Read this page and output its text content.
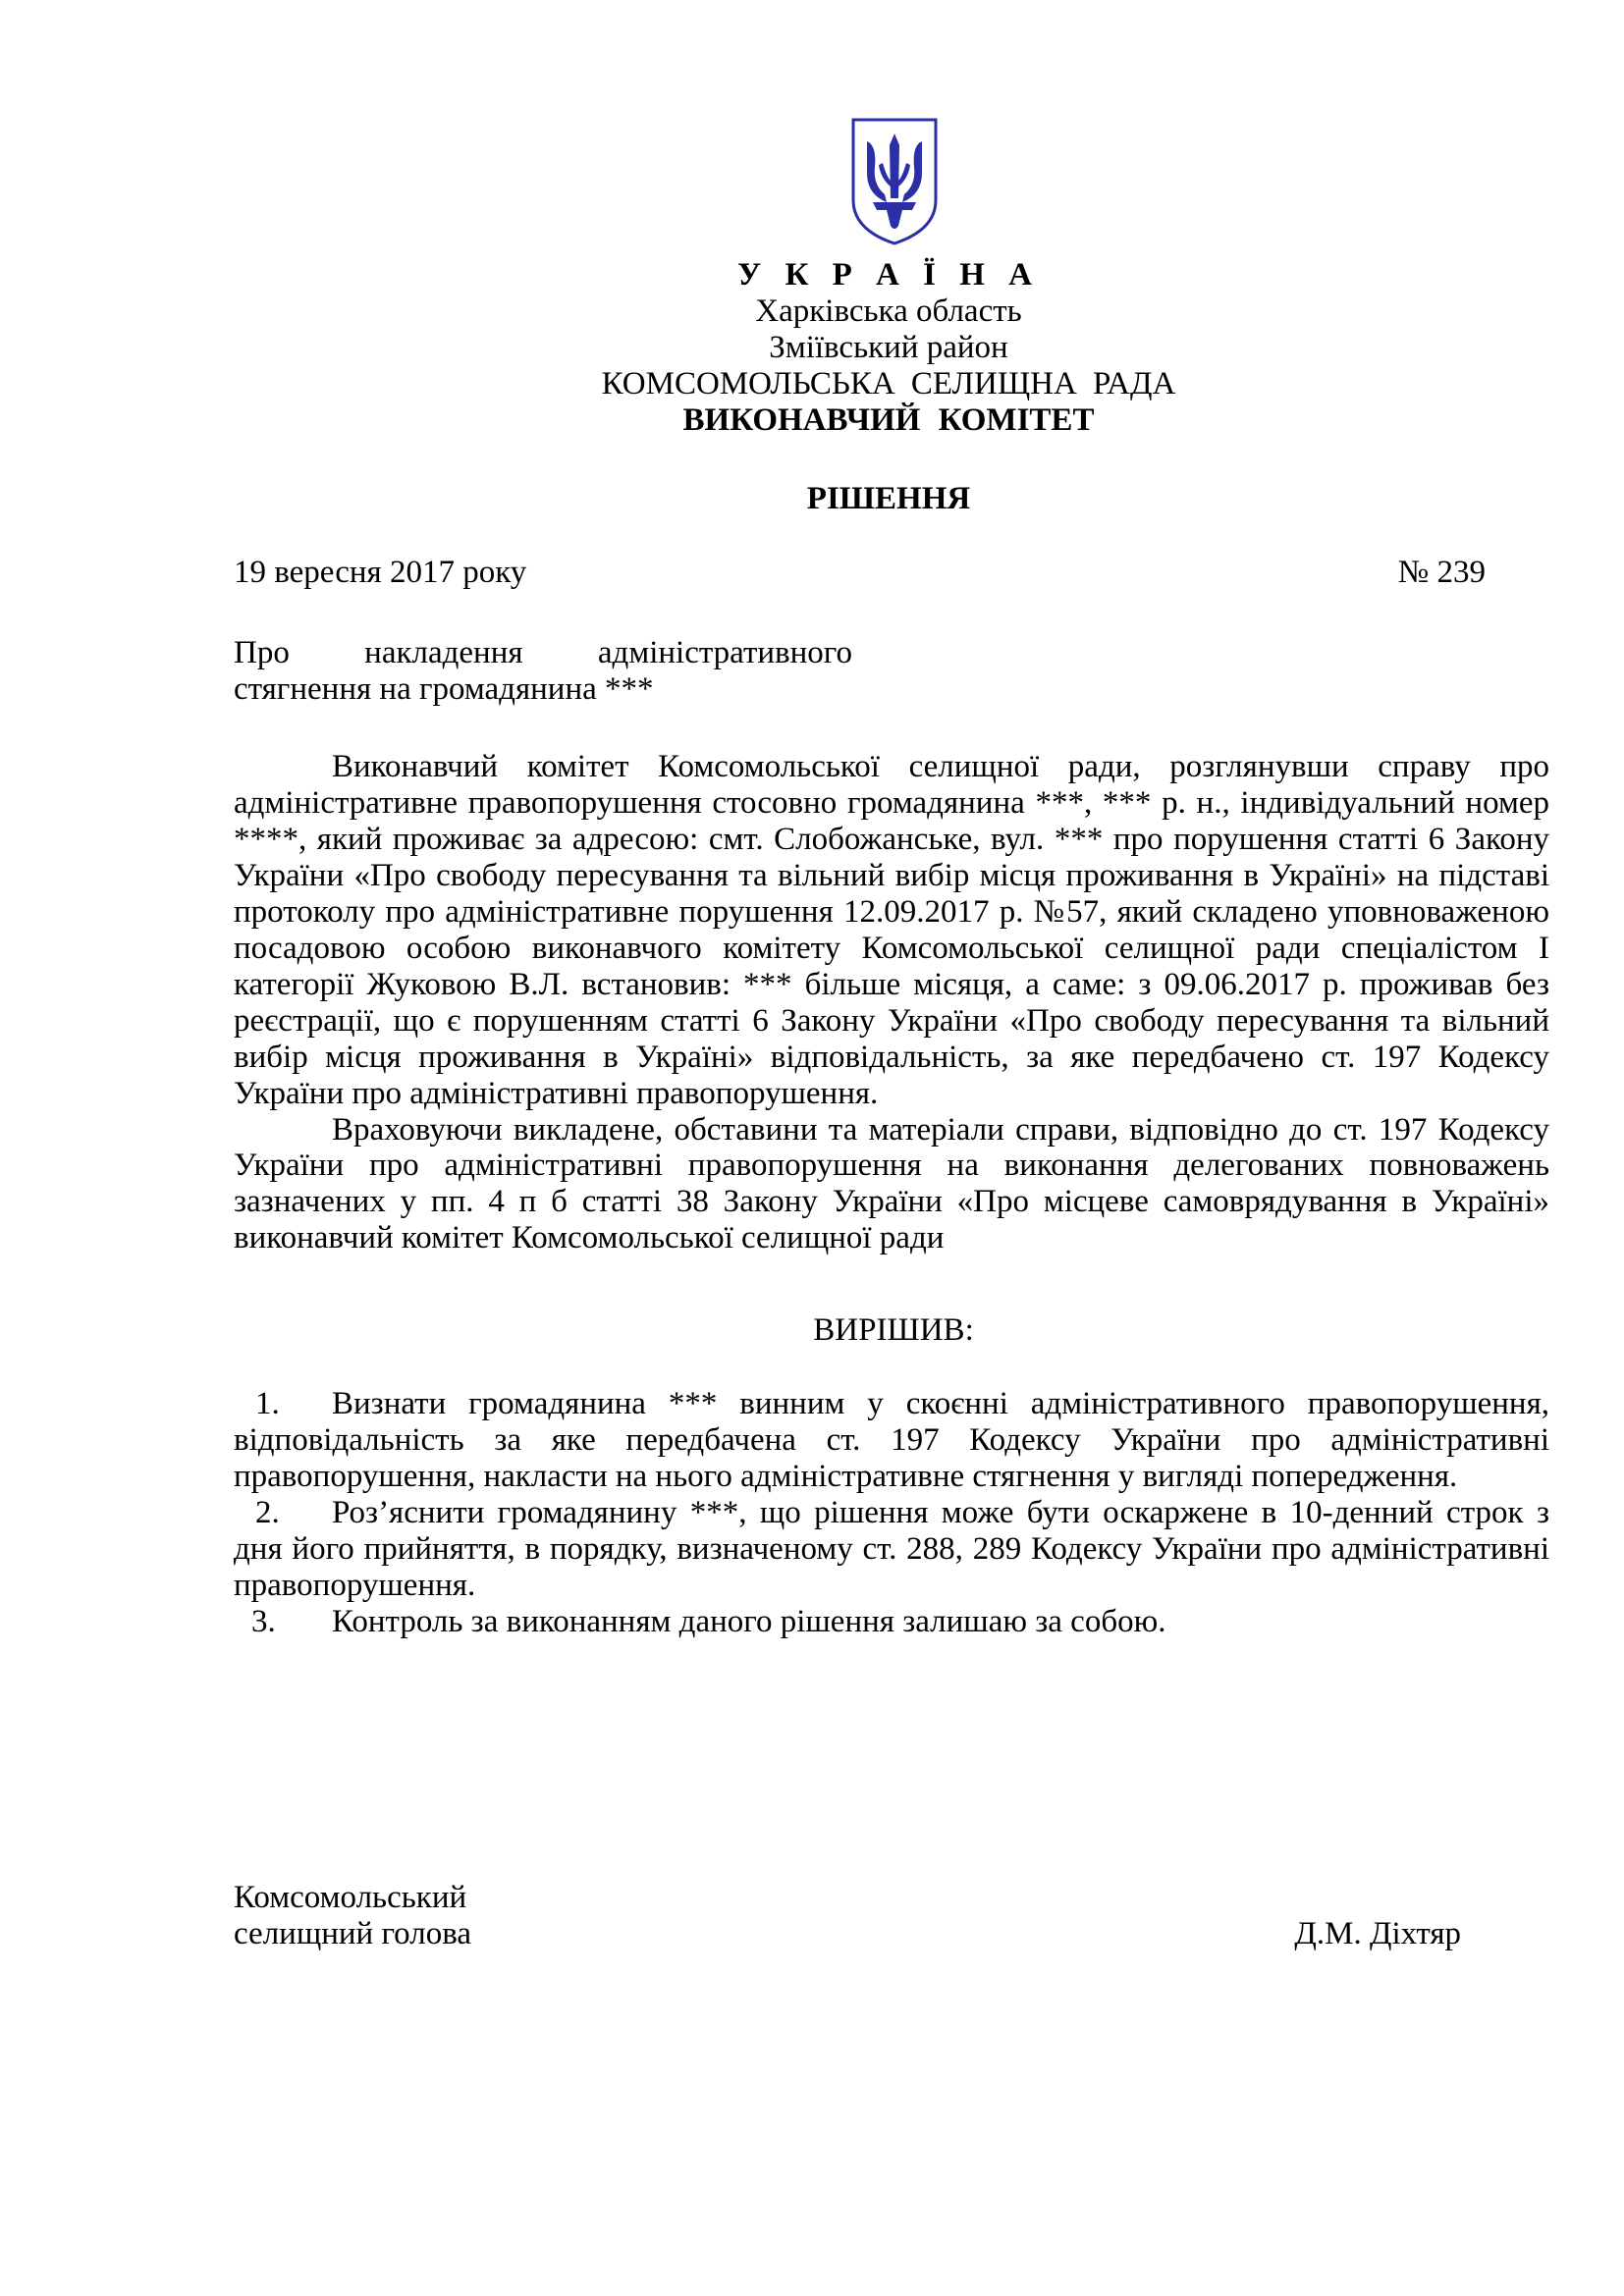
У К Р А Ї Н А
Харківська область
Зміївський район
КОМСОМОЛЬСЬКА СЕЛИЩНА РАДА
ВИКОНАВЧИЙ КОМІТЕТ
РІШЕННЯ
19 вересня 2017 року	№ 239
Про накладення адміністративного стягнення на громадянина ***

Виконавчий комітет Комсомольської селищної ради, розглянувши справу про адміністративне правопорушення стосовно громадянина ***, *** р. н., індивідуальний номер ****, який проживає за адресою: смт. Слобожанське, вул. *** про порушення статті 6 Закону України «Про свободу пересування та вільний вибір місця проживання в Україні» на підставі протоколу про адміністративне порушення 12.09.2017 р. №57, який складено уповноваженою посадовою особою виконавчого комітету Комсомольської селищної ради спеціалістом І категорії Жуковою В.Л. встановив: *** більше місяця, а саме: з 09.06.2017 р. проживав без реєстрації, що є порушенням статті 6 Закону України «Про свободу пересування та вільний вибір місця проживання в Україні» відповідальність, за яке передбачено ст. 197 Кодексу України про адміністративні правопорушення.

Враховуючи викладене, обставини та матеріали справи, відповідно до ст. 197 Кодексу України про адміністративні правопорушення на виконання делегованих повноважень зазначених у пп. 4 п б статті 38 Закону України «Про місцеве самоврядування в Україні» виконавчий комітет Комсомольської селищної ради

ВИРІШИВ:
1. Визнати громадянина *** винним у скоєнні адміністративного правопорушення, відповідальність за яке передбачена ст. 197 Кодексу України про адміністративні правопорушення, накласти на нього адміністративне стягнення у вигляді попередження.
2. Роз’яснити громадянину ***, що рішення може бути оскаржене в 10-денний строк з дня його прийняття, в порядку, визначеному ст. 288, 289 Кодексу України про адміністративні правопорушення.
3. Контроль за виконанням даного рішення залишаю за собою.
Комсомольський
селищний голова	Д.М. Діхтяр
